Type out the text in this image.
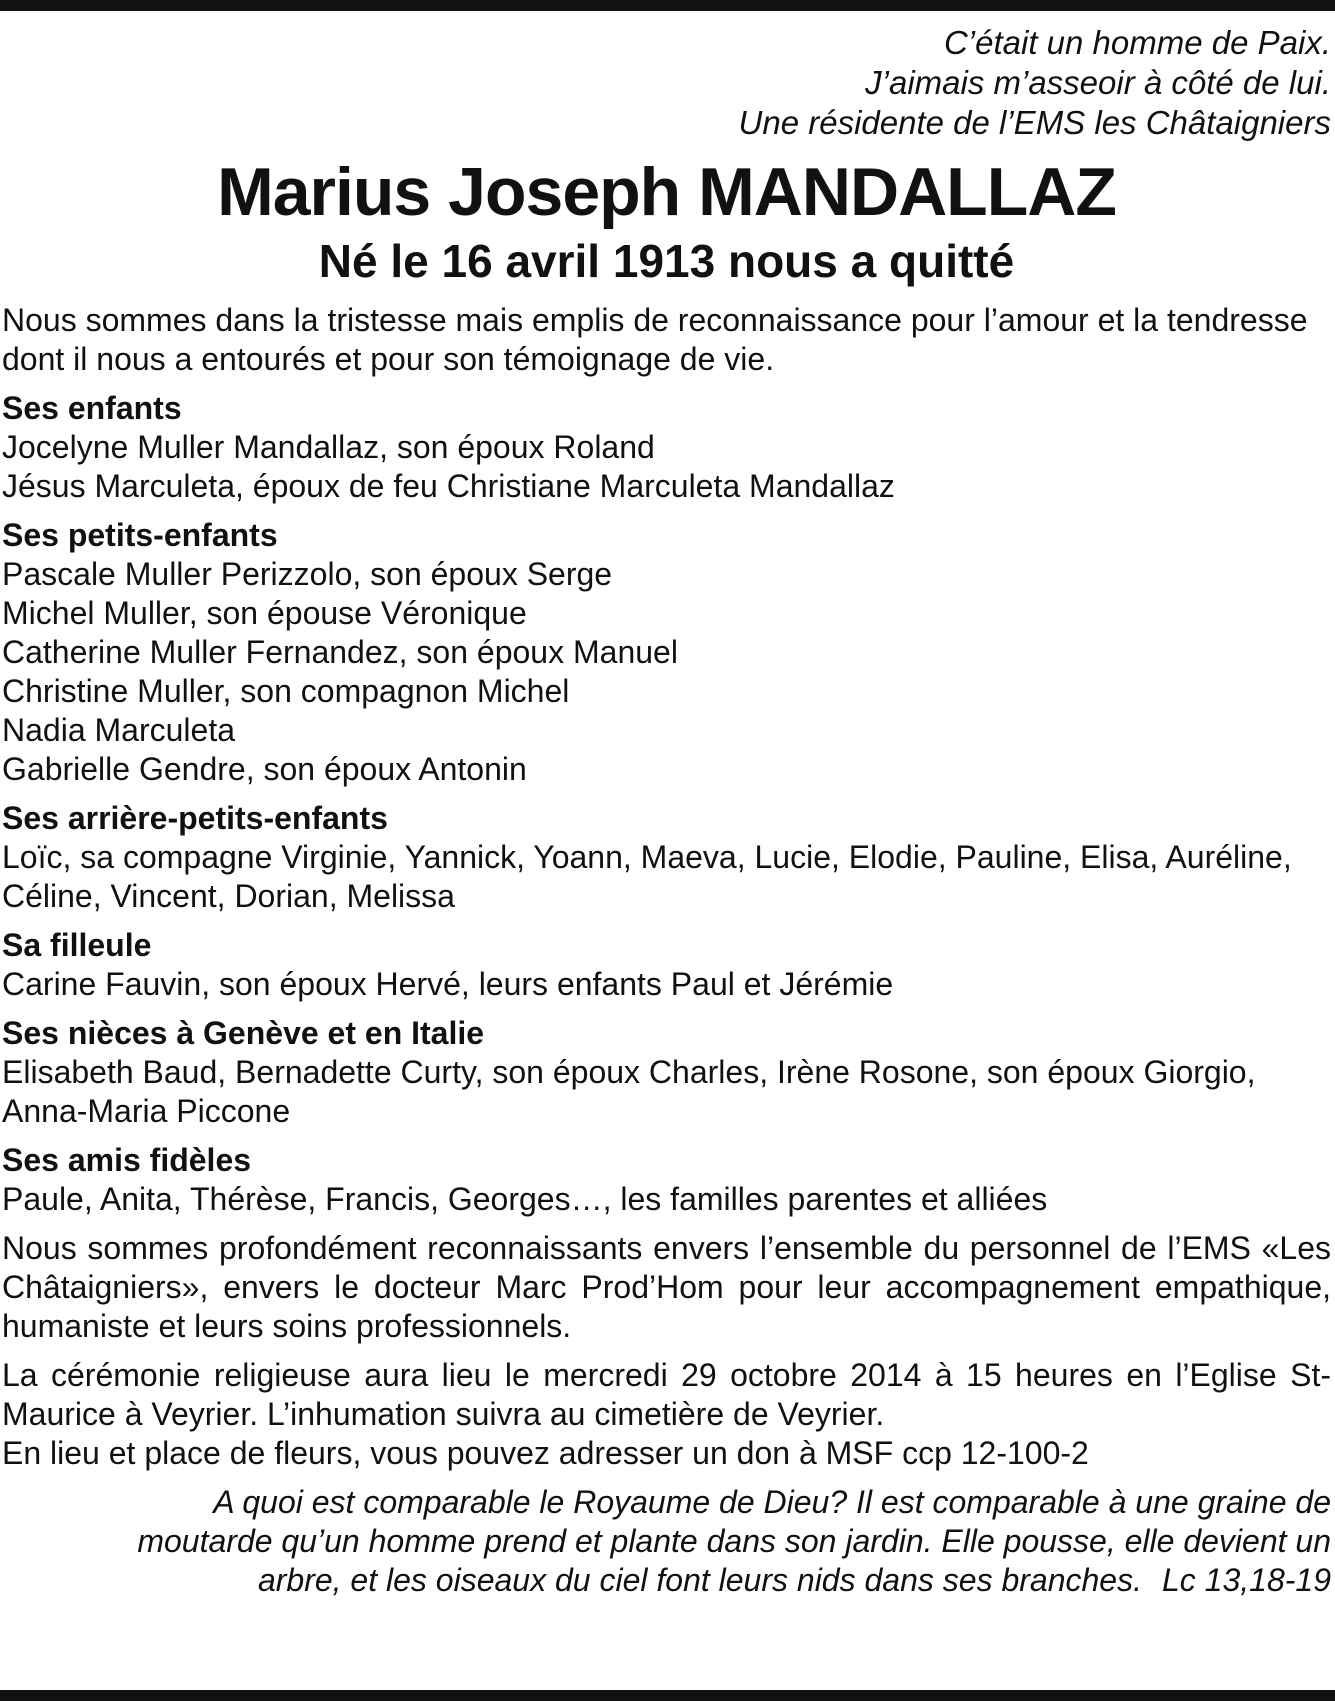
C’était un homme de Paix.
J’aimais m’asseoir à côté de lui.
Une résidente de l’EMS les Châtaigniers
Marius Joseph MANDALLAZ
Né le 16 avril 1913 nous a quitté
Nous sommes dans la tristesse mais emplis de reconnaissance pour l’amour et la tendresse dont il nous a entourés et pour son témoignage de vie.
Ses enfants
Jocelyne Muller Mandallaz, son époux Roland
Jésus Marculeta, époux de feu Christiane Marculeta Mandallaz
Ses petits-enfants
Pascale Muller Perizzolo, son époux Serge
Michel Muller, son épouse Véronique
Catherine Muller Fernandez, son époux Manuel
Christine Muller, son compagnon Michel
Nadia Marculeta
Gabrielle Gendre, son époux Antonin
Ses arrière-petits-enfants
Loïc, sa compagne Virginie, Yannick, Yoann, Maeva, Lucie, Elodie, Pauline, Elisa, Auréline,
Céline, Vincent, Dorian, Melissa
Sa filleule
Carine Fauvin, son époux Hervé, leurs enfants Paul et Jérémie
Ses nièces à Genève et en Italie
Elisabeth Baud, Bernadette Curty, son époux Charles, Irène Rosone, son époux Giorgio,
Anna-Maria Piccone
Ses amis fidèles
Paule, Anita, Thérèse, Francis, Georges…, les familles parentes et alliées
Nous sommes profondément reconnaissants envers l’ensemble du personnel de l’EMS «Les Châtaigniers», envers le docteur Marc Prod’Hom pour leur accompagnement empathique, humaniste et leurs soins professionnels.
La cérémonie religieuse aura lieu le mercredi 29 octobre 2014 à 15 heures en l’Eglise St-Maurice à Veyrier. L’inhumation suivra au cimetière de Veyrier.
En lieu et place de fleurs, vous pouvez adresser un don à MSF ccp 12-100-2
A quoi est comparable le Royaume de Dieu? Il est comparable à une graine de moutarde qu’un homme prend et plante dans son jardin. Elle pousse, elle devient un arbre, et les oiseaux du ciel font leurs nids dans ses branches. Lc 13,18-19
